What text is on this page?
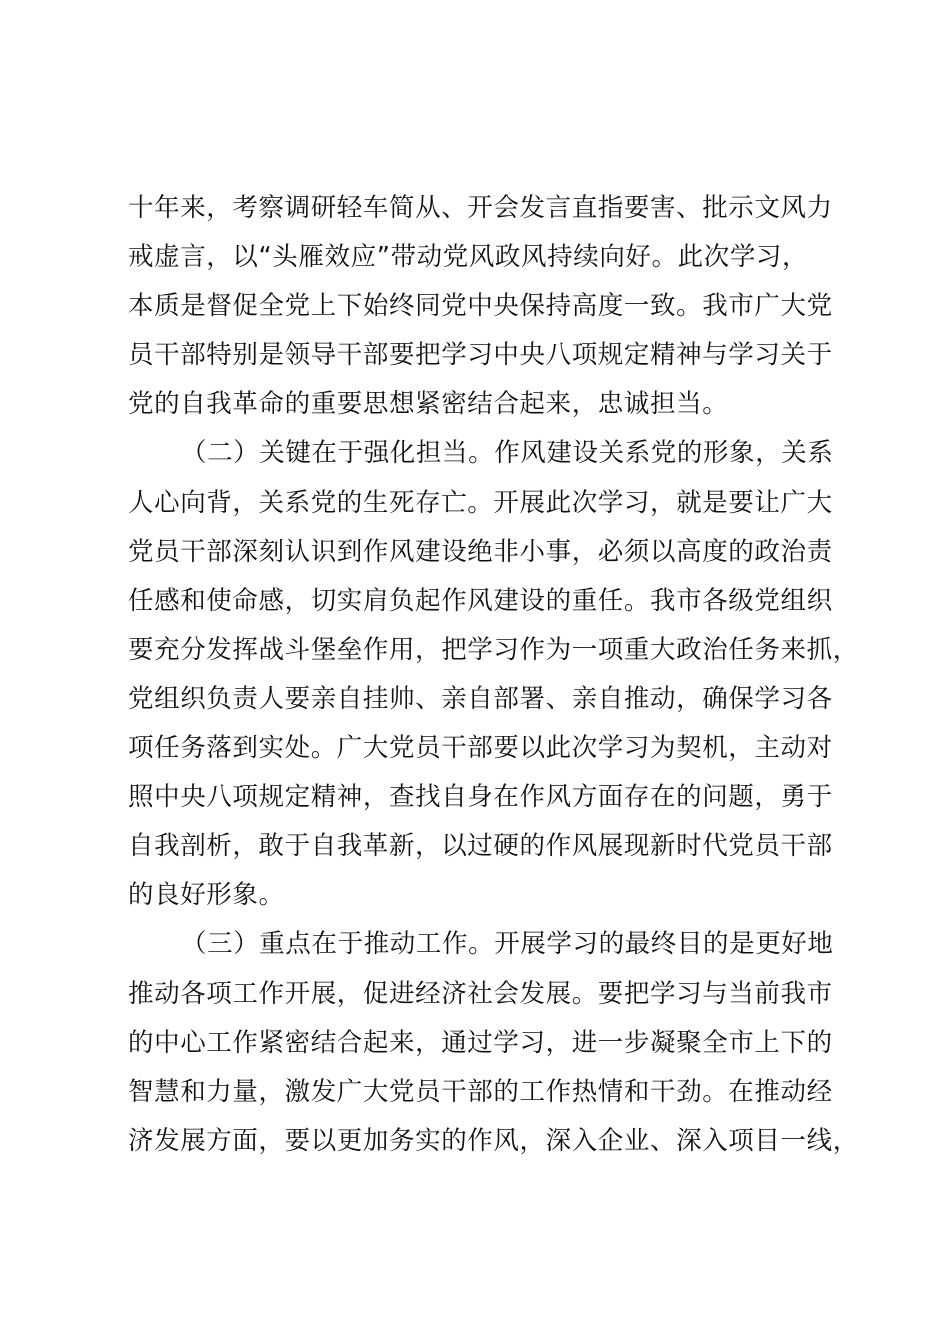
十年来，考察调研轻车简从、开会发言直指要害、批示文风力
戒虚言，以“头雁效应”带动党风政风持续向好。此次学习，
本质是督促全党上下始终同党中央保持高度一致。我市广大党
员干部特别是领导干部要把学习中央八项规定精神与学习关于
党的自我革命的重要思想紧密结合起来，忠诚担当。
（二）关键在于强化担当。作风建设关系党的形象，关系
人心向背，关系党的生死存亡。开展此次学习，就是要让广大
党员干部深刻认识到作风建设绝非小事，必须以高度的政治责
任感和使命感，切实肩负起作风建设的重任。我市各级党组织
要充分发挥战斗堡垒作用，把学习作为一项重大政治任务来抓，
党组织负责人要亲自挂帅、亲自部署、亲自推动，确保学习各
项任务落到实处。广大党员干部要以此次学习为契机，主动对
照中央八项规定精神，查找自身在作风方面存在的问题，勇于
自我剖析，敢于自我革新，以过硬的作风展现新时代党员干部
的良好形象。
（三）重点在于推动工作。开展学习的最终目的是更好地
推动各项工作开展，促进经济社会发展。要把学习与当前我市
的中心工作紧密结合起来，通过学习，进一步凝聚全市上下的
智慧和力量，激发广大党员干部的工作热情和干劲。在推动经
济发展方面，要以更加务实的作风，深入企业、深入项目一线，
